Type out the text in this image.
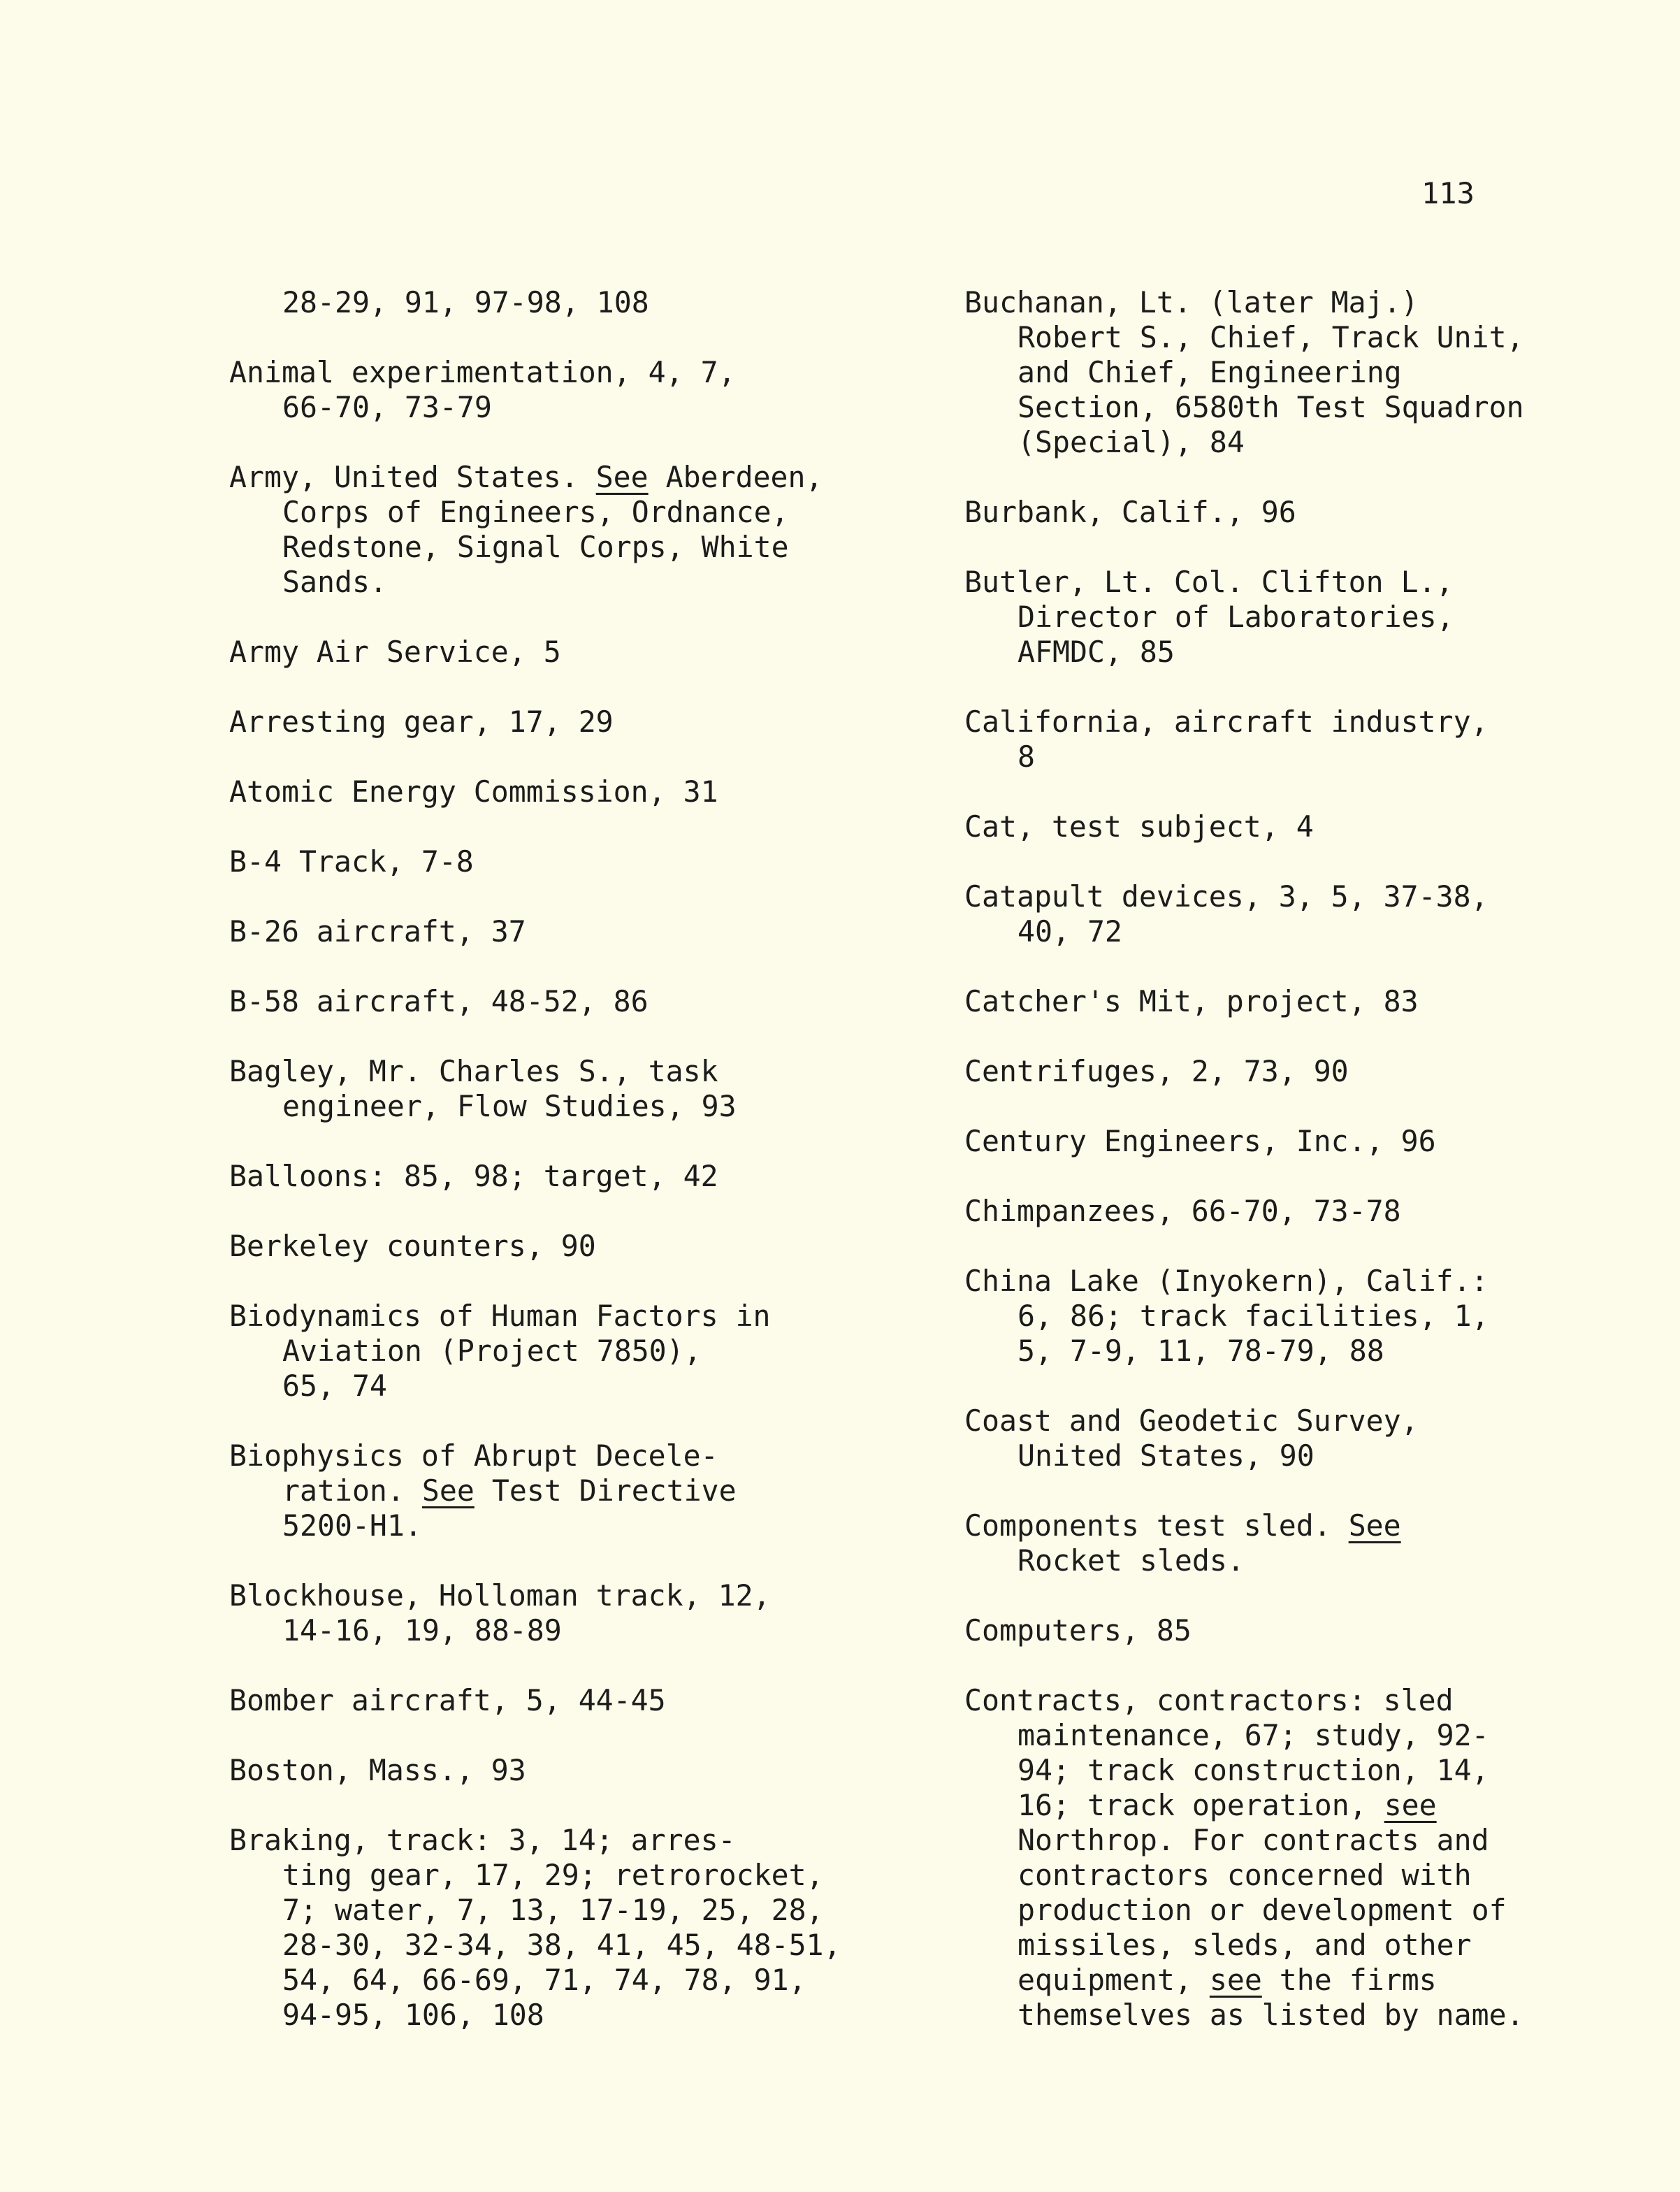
113
28-29, 91, 97-98, 108
Animal experimentation, 4, 7,
66-70, 73-79
Army, United States. See Aberdeen,
Corps of Engineers, Ordnance,
Redstone, Signal Corps, White
Sands.
Army Air Service, 5
Arresting gear, 17, 29
Atomic Energy Commission, 31
B-4 Track, 7-8
B-26 aircraft, 37
B-58 aircraft, 48-52, 86
Bagley, Mr. Charles S., task
engineer, Flow Studies, 93
Balloons: 85, 98; target, 42
Berkeley counters, 90
Biodynamics of Human Factors in
Aviation (Project 7850),
65, 74
Biophysics of Abrupt Decele-
ration. See Test Directive
5200-H1.
Blockhouse, Holloman track, 12,
14-16, 19, 88-89
Bomber aircraft, 5, 44-45
Boston, Mass., 93
Braking, track: 3, 14; arres-
ting gear, 17, 29; retrorocket,
7; water, 7, 13, 17-19, 25, 28,
28-30, 32-34, 38, 41, 45, 48-51,
54, 64, 66-69, 71, 74, 78, 91,
94-95, 106, 108
Buchanan, Lt. (later Maj.)
Robert S., Chief, Track Unit,
and Chief, Engineering
Section, 6580th Test Squadron
(Special), 84
Burbank, Calif., 96
Butler, Lt. Col. Clifton L.,
Director of Laboratories,
AFMDC, 85
California, aircraft industry,
8
Cat, test subject, 4
Catapult devices, 3, 5, 37-38,
40, 72
Catcher's Mit, project, 83
Centrifuges, 2, 73, 90
Century Engineers, Inc., 96
Chimpanzees, 66-70, 73-78
China Lake (Inyokern), Calif.:
6, 86; track facilities, 1,
5, 7-9, 11, 78-79, 88
Coast and Geodetic Survey,
United States, 90
Components test sled. See
Rocket sleds.
Computers, 85
Contracts, contractors: sled
maintenance, 67; study, 92-
94; track construction, 14,
16; track operation, see
Northrop. For contracts and
contractors concerned with
production or development of
missiles, sleds, and other
equipment, see the firms
themselves as listed by name.
